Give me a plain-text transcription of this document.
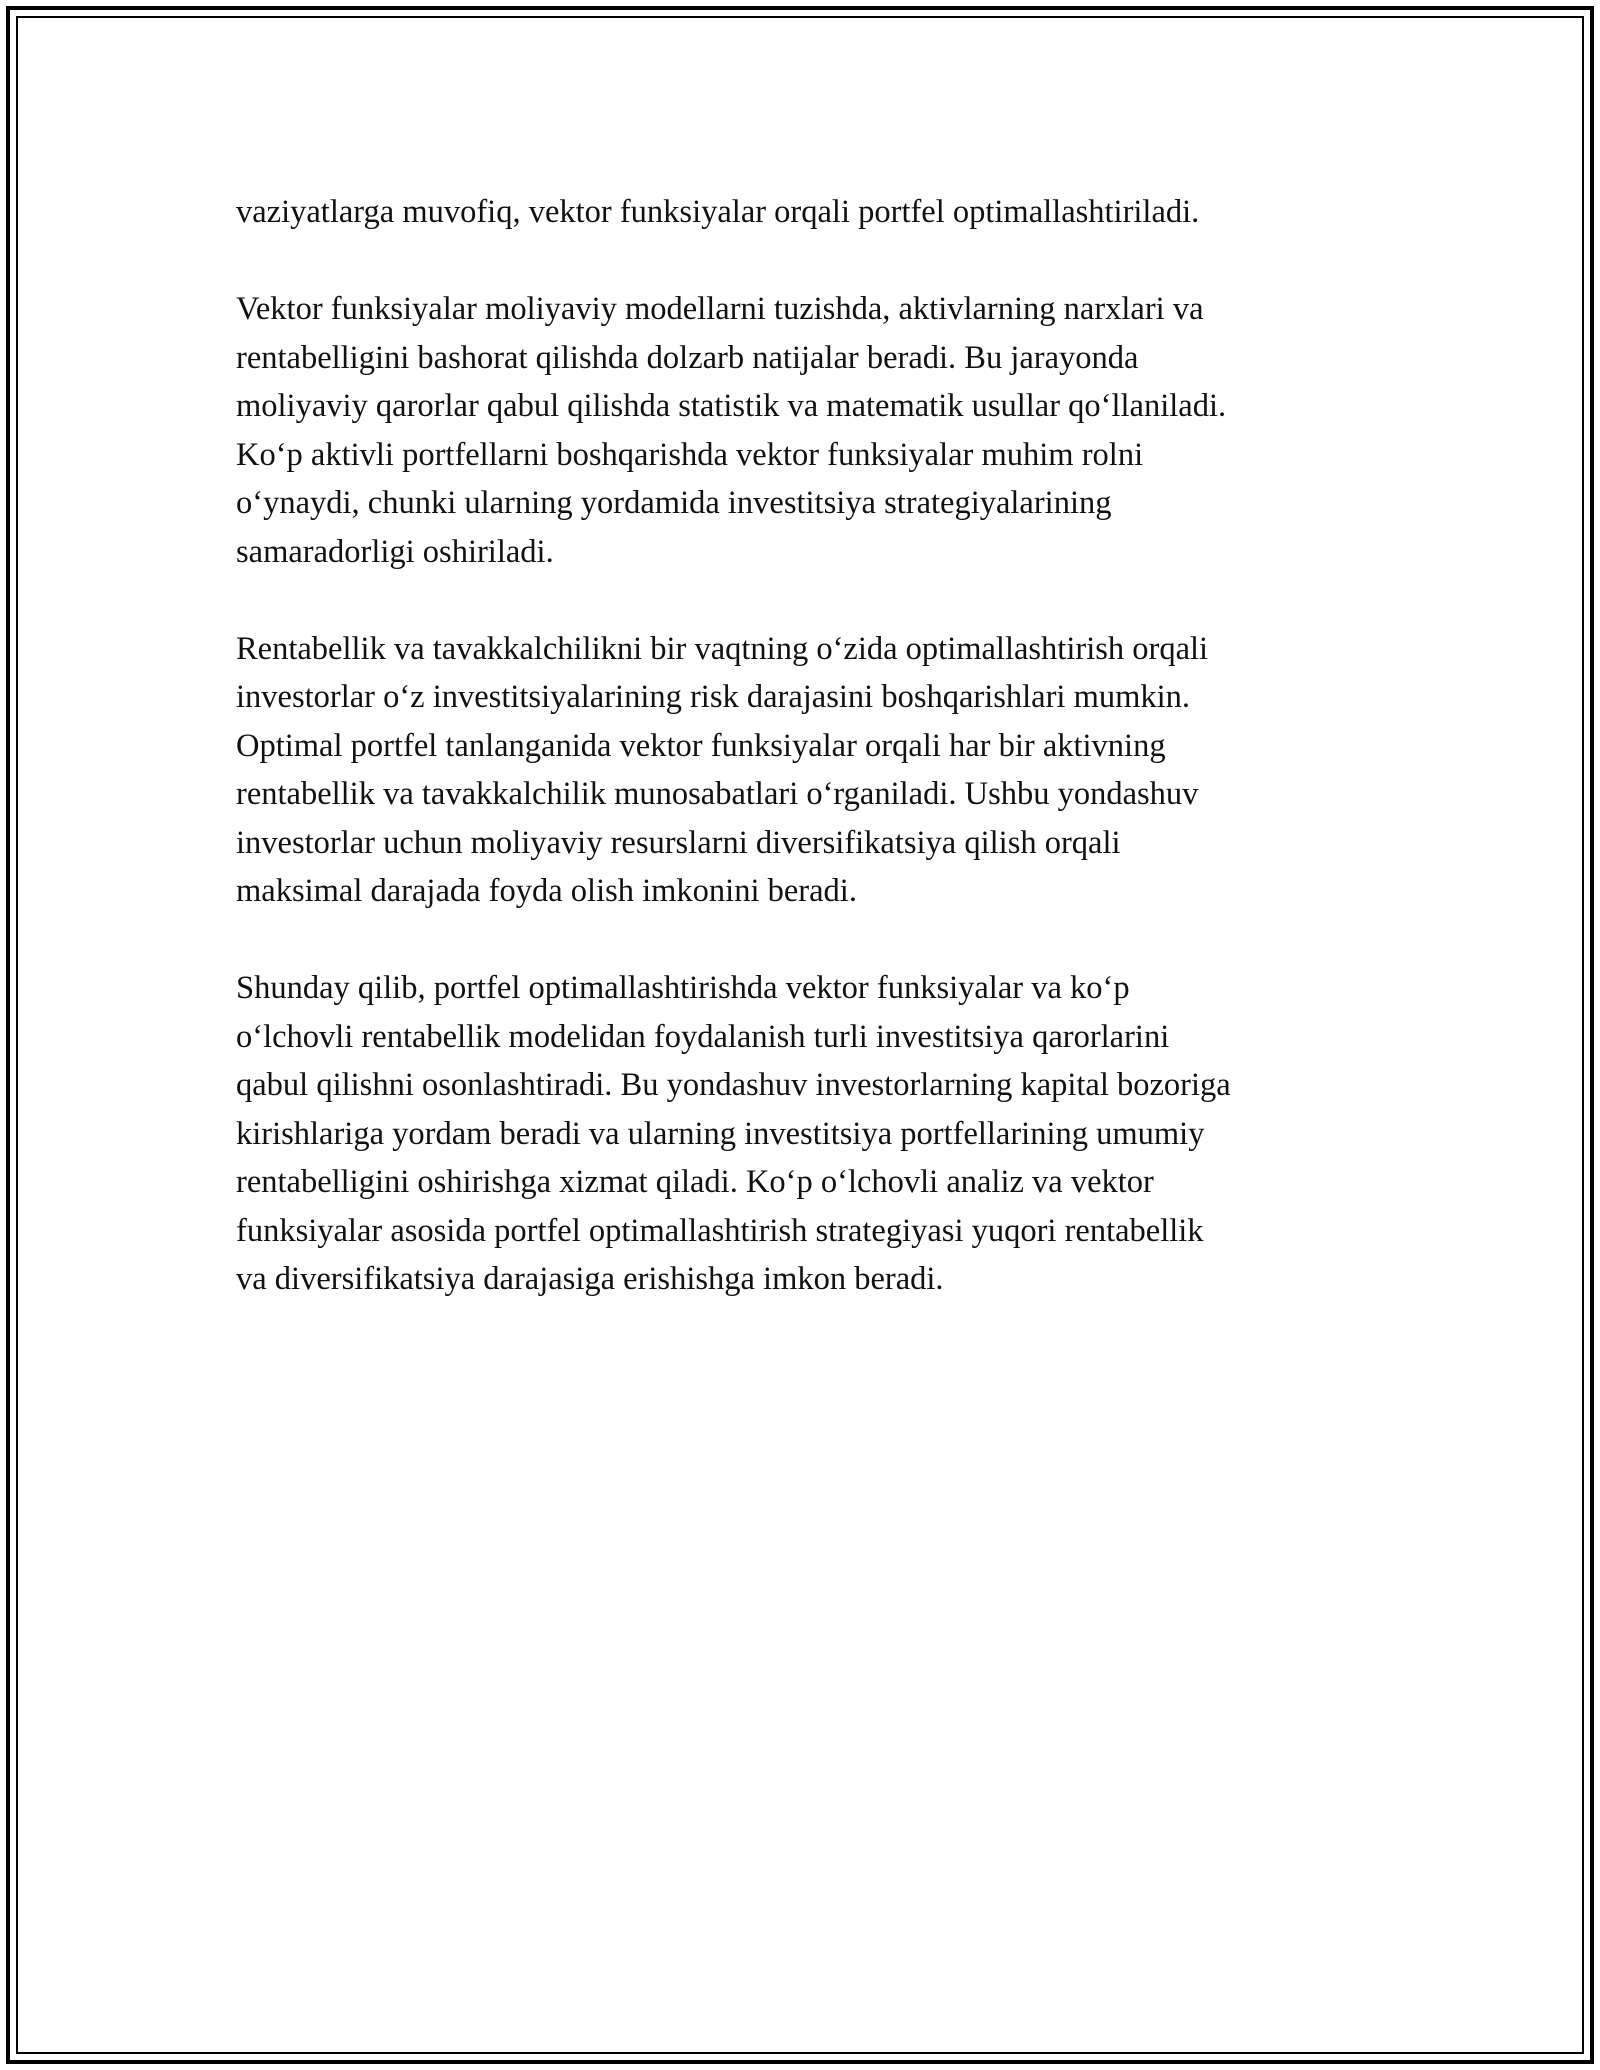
vaziyatlarga muvofiq, vektor funksiyalar orqali portfel optimallashtiriladi.

Vektor funksiyalar moliyaviy modellarni tuzishda, aktivlarning narxlari va
rentabelligini bashorat qilishda dolzarb natijalar beradi. Bu jarayonda
moliyaviy qarorlar qabul qilishda statistik va matematik usullar qo‘llaniladi.
Ko‘p aktivli portfellarni boshqarishda vektor funksiyalar muhim rolni
o‘ynaydi, chunki ularning yordamida investitsiya strategiyalarining
samaradorligi oshiriladi.

Rentabellik va tavakkalchilikni bir vaqtning o‘zida optimallashtirish orqali
investorlar o‘z investitsiyalarining risk darajasini boshqarishlari mumkin.
Optimal portfel tanlanganida vektor funksiyalar orqali har bir aktivning
rentabellik va tavakkalchilik munosabatlari o‘rganiladi. Ushbu yondashuv
investorlar uchun moliyaviy resurslarni diversifikatsiya qilish orqali
maksimal darajada foyda olish imkonini beradi.

Shunday qilib, portfel optimallashtirishda vektor funksiyalar va ko‘p
o‘lchovli rentabellik modelidan foydalanish turli investitsiya qarorlarini
qabul qilishni osonlashtiradi. Bu yondashuv investorlarning kapital bozoriga
kirishlariga yordam beradi va ularning investitsiya portfellarining umumiy
rentabelligini oshirishga xizmat qiladi. Ko‘p o‘lchovli analiz va vektor
funksiyalar asosida portfel optimallashtirish strategiyasi yuqori rentabellik
va diversifikatsiya darajasiga erishishga imkon beradi.
